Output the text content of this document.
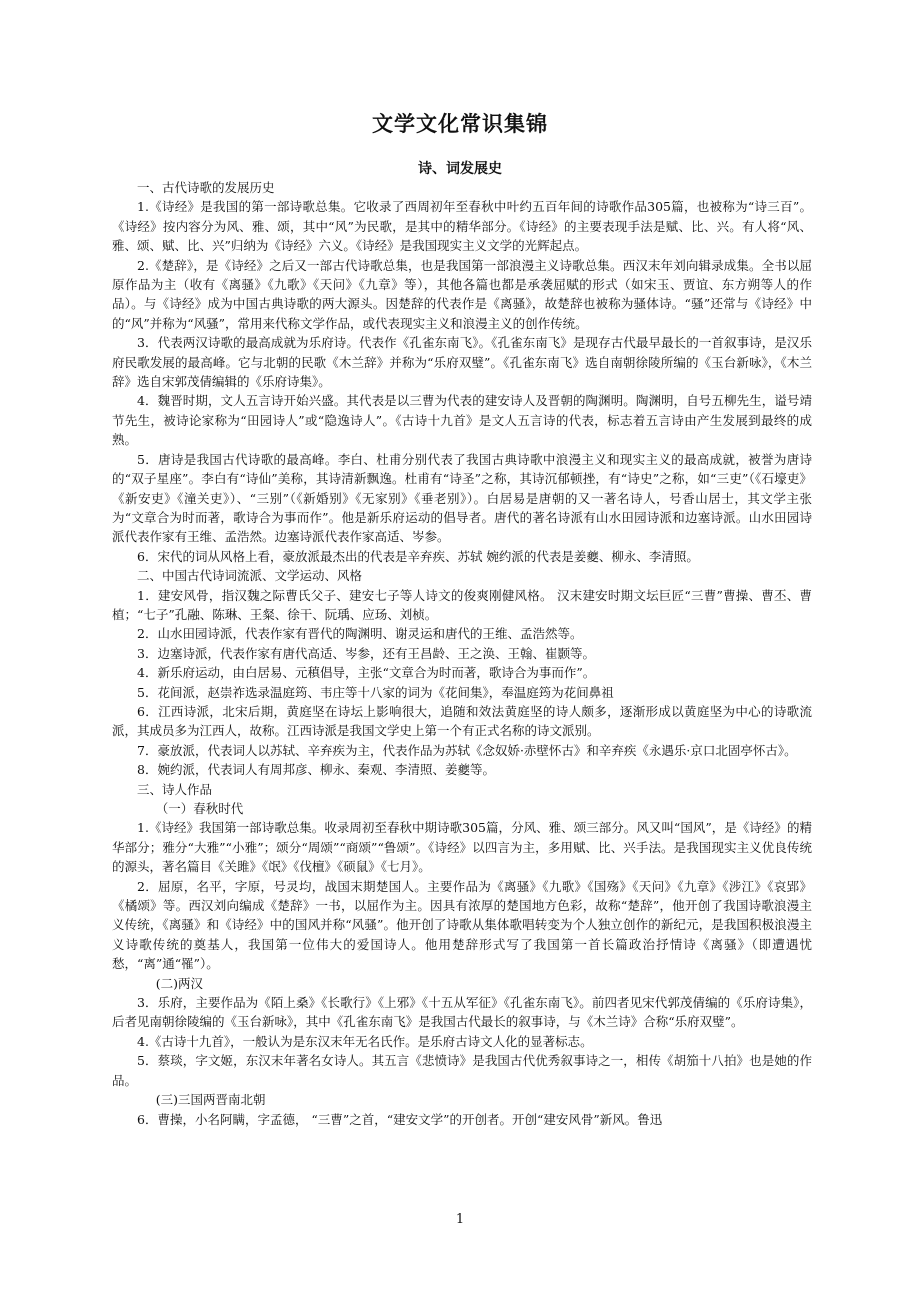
文学文化常识集锦
诗、词发展史

一、古代诗歌的发展历史

1.《诗经》是我国的第一部诗歌总集。它收录了西周初年至春秋中叶约五百年间的诗歌作品305篇，也被称为“诗三百”。《诗经》按内容分为风、雅、颂，其中“风”为民歌，是其中的精华部分。《诗经》的主要表现手法是赋、比、兴。有人将“风、雅、颂、赋、比、兴”归纳为《诗经》六义。《诗经》是我国现实主义文学的光辉起点。

2.《楚辞》，是《诗经》之后又一部古代诗歌总集，也是我国第一部浪漫主义诗歌总集。西汉末年刘向辑录成集。全书以屈原作品为主（收有《离骚》《九歌》《天问》《九章》等），其他各篇也都是承袭屈赋的形式（如宋玉、贾谊、东方朔等人的作品）。与《诗经》成为中国古典诗歌的两大源头。因楚辞的代表作是《离骚》，故楚辞也被称为骚体诗。“骚”还常与《诗经》中的“风”并称为“风骚”，常用来代称文学作品，或代表现实主义和浪漫主义的创作传统。

3．代表两汉诗歌的最高成就为乐府诗。代表作《孔雀东南飞》。《孔雀东南飞》是现存古代最早最长的一首叙事诗，是汉乐府民歌发展的最高峰。它与北朝的民歌《木兰辞》并称为“乐府双璧”。《孔雀东南飞》选自南朝徐陵所编的《玉台新咏》，《木兰辞》选自宋郭茂倩编辑的《乐府诗集》。

4．魏晋时期，文人五言诗开始兴盛。其代表是以三曹为代表的建安诗人及晋朝的陶渊明。陶渊明，自号五柳先生，谥号靖节先生，被诗论家称为“田园诗人”或“隐逸诗人”。《古诗十九首》是文人五言诗的代表，标志着五言诗由产生发展到最终的成熟。

5．唐诗是我国古代诗歌的最高峰。李白、杜甫分别代表了我国古典诗歌中浪漫主义和现实主义的最高成就，被誉为唐诗的“双子星座”。李白有“诗仙”美称，其诗清新飘逸。杜甫有“诗圣”之称，其诗沉郁顿挫，有“诗史”之称，如“三吏”（《石壕吏》《新安吏》《潼关吏》）、“三别”（《新婚别》《无家别》《垂老别》）。白居易是唐朝的又一著名诗人，号香山居士，其文学主张为“文章合为时而著，歌诗合为事而作”。他是新乐府运动的倡导者。唐代的著名诗派有山水田园诗派和边塞诗派。山水田园诗派代表作家有王维、孟浩然。边塞诗派代表作家高适、岑参。

6．宋代的词从风格上看，豪放派最杰出的代表是辛弃疾、苏轼 婉约派的代表是姜夔、柳永、李清照。

二、中国古代诗词流派、文学运动、风格

1．建安风骨，指汉魏之际曹氏父子、建安七子等人诗文的俊爽刚健风格。 汉末建安时期文坛巨匠“三曹”曹操、曹丕、曹植；“七子”孔融、陈琳、王粲、徐干、阮瑀、应玚、刘桢。

2．山水田园诗派，代表作家有晋代的陶渊明、谢灵运和唐代的王维、孟浩然等。

3．边塞诗派，代表作家有唐代高适、岑参，还有王昌龄、王之涣、王翰、崔颢等。

4．新乐府运动，由白居易、元稹倡导，主张“文章合为时而著，歌诗合为事而作”。

5．花间派，赵崇祚选录温庭筠、韦庄等十八家的词为《花间集》，奉温庭筠为花间鼻祖

6．江西诗派，北宋后期，黄庭坚在诗坛上影响很大，追随和效法黄庭坚的诗人颇多，逐渐形成以黄庭坚为中心的诗歌流派，其成员多为江西人，故称。江西诗派是我国文学史上第一个有正式名称的诗文派别。

7．豪放派，代表词人以苏轼、辛弃疾为主，代表作品为苏轼《念奴娇·赤壁怀古》和辛弃疾《永遇乐·京口北固亭怀古》。

8．婉约派，代表词人有周邦彦、柳永、秦观、李清照、姜夔等。

三、诗人作品

（一）春秋时代

1.《诗经》我国第一部诗歌总集。收录周初至春秋中期诗歌305篇，分风、雅、颂三部分。风又叫“国风”，是《诗经》的精华部分；雅分“大雅”“小雅”；颂分“周颂”“商颂”“鲁颂”。《诗经》以四言为主，多用赋、比、兴手法。是我国现实主义优良传统的源头，著名篇目《关雎》《氓》《伐檀》《硕鼠》《七月》。

2．屈原，名平，字原，号灵均，战国末期楚国人。主要作品为《离骚》《九歌》《国殇》《天问》《九章》《涉江》《哀郢》《橘颂》等。西汉刘向编成《楚辞》一书，以屈作为主。因具有浓厚的楚国地方色彩，故称“楚辞”，他开创了我国诗歌浪漫主义传统，《离骚》和《诗经》中的国风并称“风骚”。他开创了诗歌从集体歌唱转变为个人独立创作的新纪元，是我国积极浪漫主义诗歌传统的奠基人，我国第一位伟大的爱国诗人。他用楚辞形式写了我国第一首长篇政治抒情诗《离骚》（即遭遇忧愁，“离”通“罹”）。

(二)两汉

3．乐府，主要作品为《陌上桑》《长歌行》《上邪》《十五从军征》《孔雀东南飞》。前四者见宋代郭茂倩编的《乐府诗集》，后者见南朝徐陵编的《玉台新咏》，其中《孔雀东南飞》是我国古代最长的叙事诗，与《木兰诗》合称“乐府双璧”。

4.《古诗十九首》，一般认为是东汉末年无名氏作。是乐府古诗文人化的显著标志。

5．蔡琰，字文姬，东汉末年著名女诗人。其五言《悲愤诗》是我国古代优秀叙事诗之一，相传《胡笳十八拍》也是她的作品。

(三)三国两晋南北朝

6．曹操，小名阿瞒，字孟德， “三曹”之首，“建安文学”的开创者。开创“建安风骨”新风。鲁迅

1
